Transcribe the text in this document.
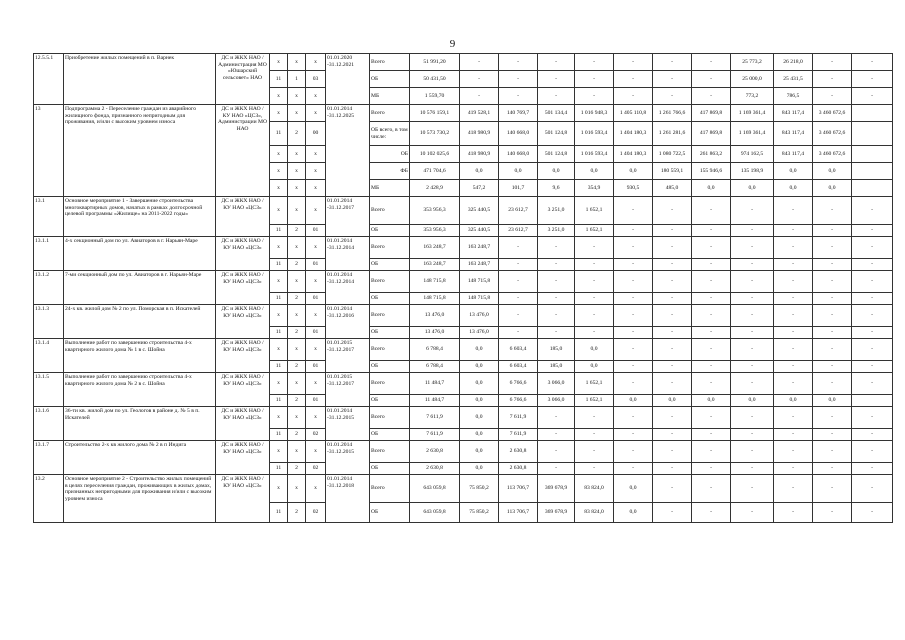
9
12.5.5.1	Приобретение жилых помещений в п. Варнек	ДС и ЖКХ НАО / Администрация МО «Юшарский сельсовет» НАО	x	x	x	01.01.2020 -31.12.2021	Всего		51 991,20	-	-	-	-	-	-	-	25 773,2	26 218,0	-	-
			11	1	03		ОБ		50 431,50	-	-	-	-	-	-	-	25 000,0	25 431,5	-	-
			x	x	x		МБ		1 559,70	-	-	-	-	-	-	-	773,2	786,5	-	-
13	Подпрограмма 2 - Переселение граждан из аварийного жилищного фонда, признанного непригодным для проживания, и/или с высоким уровнем износа	ДС и ЖКХ НАО / КУ НАО «ЦСЗ», Администрации МО НАО	x	x	x	01.01.2014 -31.12.2025	Всего		10 576 159,1	419 528,1	140 769,7	501 134,4	1 016 948,3	1 405 110,8	1 261 766,6	417 869,8	1 169 361,4	843 117,4	3 460 672,6	
			11	2	00		ОБ всего, в том числе:		10 573 730,2	418 980,9	140 668,0	501 124,8	1 016 593,4	1 404 180,3	1 261 281,6	417 869,8	1 169 361,4	843 117,4	3 460 672,6	
			x	x	x			ОБ	10 102 025,6	418 980,9	140 668,0	501 124,8	1 016 593,4	1 404 180,3	1 080 722,5	261 863,2	974 162,5	843 117,4	3 460 672,6	
			x	x	x			ФБ	471 704,6	0,0	0,0	0,0	0,0	0,0	180 559,1	155 946,6	135 198,9	0,0	0,0	
			x	x	x		МБ		2 428,9	547,2	101,7	9,6	354,9	930,5	485,0	0,0	0,0	0,0	0,0	
13.1	Основное мероприятие 1 - Завершение строительства многоквартирных домов, начатых в рамках долгосрочной целевой программы «Жилище» на 2011-2022 годы»	ДС и ЖКХ НАО / КУ НАО «ЦСЗ»	x	x	x	01.01.2014 -31.12.2017	Всего		353 956,3	325 440,5	23 612,7	3 251,0	1 652,1	-	-	-	-	-	-	-
			11	2	01		ОБ		353 956,3	325 440,5	23 612,7	3 251,0	1 652,1	-	-	-	-	-	-	-
13.1.1	4-х секционный дом по ул. Авиаторов в г. Нарьян-Маре	ДС и ЖКХ НАО / КУ НАО «ЦСЗ»	x	x	x	01.01.2014 -31.12.2014	Всего		163 248,7	163 248,7	-	-	-	-	-	-	-	-	-	-
			11	2	01		ОБ		163 248,7	163 248,7	-	-	-	-	-	-	-	-	-	-
13.1.2	7-ми секционный дом по ул. Авиаторов в г. Нарьян-Маре	ДС и ЖКХ НАО / КУ НАО «ЦСЗ»	x	x	x	01.01.2014 -31.12.2014	Всего		148 715,8	148 715,8	-	-	-	-	-	-	-	-	-	-
			11	2	01		ОБ		148 715,8	148 715,8	-	-	-	-	-	-	-	-	-	-
13.1.3	24-х кв. жилой дом № 2 по ул. Поморская в п. Искателей	ДС и ЖКХ НАО / КУ НАО «ЦСЗ»	x	x	x	01.01.2014 -31.12.2016	Всего		13 476,0	13 476,0	-	-	-	-	-	-	-	-	-	-
			11	2	01		ОБ		13 476,0	13 476,0	-	-	-	-	-	-	-	-	-	-
13.1.4	Выполнение работ по завершению строительства 4-х квартирного жилого дома № 1 в с. Шойна	ДС и ЖКХ НАО / КУ НАО «ЦСЗ»	x	x	x	01.01.2015 -31.12.2017	Всего		6 788,4	0,0	6 603,4	185,0	0,0	-	-	-	-	-	-	-
			11	2	01		ОБ		6 788,4	0,0	6 603,4	185,0	0,0	-	-	-	-	-	-	-
13.1.5	Выполнение работ по завершению строительства 4-х квартирного жилого дома № 2 в с. Шойна	ДС и ЖКХ НАО / КУ НАО «ЦСЗ»	x	x	x	01.01.2015 -31.12.2017	Всего		11 484,7	0,0	6 766,6	3 066,0	1 652,1	-	-	-	-	-	-	-
			11	2	01		ОБ		11 484,7	0,0	6 766,6	3 066,0	1 652,1	0,0	0,0	0,0	0,0	0,0	0,0	
13.1.6	36-ти кв. жилой дом по ул. Геологов в районе д. № 5 в п. Искателей	ДС и ЖКХ НАО / КУ НАО «ЦСЗ»	x	x	x	01.01.2014 -31.12.2015	Всего		7 611,9	0,0	7 611,9	-	-	-	-	-	-	-	-	-
			11	2	02		ОБ		7 611,9	0,0	7 611,9	-	-	-	-	-	-	-	-	-
13.1.7	Строительство 2-х кв жилого дома № 2 в п Индига	ДС и ЖКХ НАО / КУ НАО «ЦСЗ»	x	x	x	01.01.2014 -31.12.2015	Всего		2 630,8	0,0	2 630,8	-	-	-	-	-	-	-	-	-
			11	2	02		ОБ		2 630,8	0,0	2 630,8	-	-	-	-	-	-	-	-	-
13.2	Основное мероприятие 2 - Строительство жилых помещений в целях переселения граждан, проживающих в жилых домах, признанных непригодными для проживания и/или с высоким уровнем износа	ДС и ЖКХ НАО / КУ НАО «ЦСЗ»	x	x	x	01.01.2014 -31.12.2018	Всего		643 059,8	75 850,2	113 706,7	369 678,9	83 824,0	0,0	-	-	-	-	-	-
			11	2	02		ОБ		643 059,8	75 850,2	113 706,7	369 678,9	83 824,0	0,0	-	-	-	-	-	-
